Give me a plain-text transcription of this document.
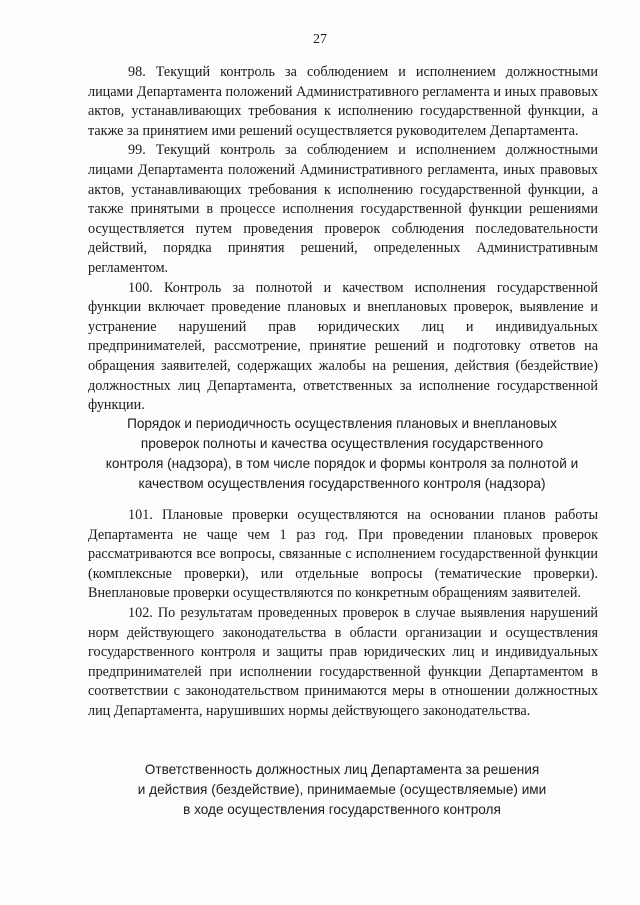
27

98. Текущий контроль за соблюдением и исполнением должностными лицами Департамента положений Административного регламента и иных правовых актов, устанавливающих требования к исполнению государственной функции, а также за принятием ими решений осуществляется руководителем Департамента.

99. Текущий контроль за соблюдением и исполнением должностными лицами Департамента положений Административного регламента, иных правовых актов, устанавливающих требования к исполнению государственной функции, а также принятыми в процессе исполнения государственной функции решениями осуществляется путем проведения проверок соблюдения последовательности действий, порядка принятия решений, определенных Административным регламентом.

100. Контроль за полнотой и качеством исполнения государственной функции включает проведение плановых и внеплановых проверок, выявление и устранение нарушений прав юридических лиц и индивидуальных предпринимателей, рассмотрение, принятие решений и подготовку ответов на обращения заявителей, содержащих жалобы на решения, действия (бездействие) должностных лиц Департамента, ответственных за исполнение государственной функции.

Порядок и периодичность осуществления плановых и внеплановых
проверок полноты и качества осуществления государственного
контроля (надзора), в том числе порядок и формы контроля за полнотой и
качеством осуществления государственного контроля (надзора)

101. Плановые проверки осуществляются на основании планов работы Департамента не чаще чем 1 раз год. При проведении плановых проверок рассматриваются все вопросы, связанные с исполнением государственной функции (комплексные проверки), или отдельные вопросы (тематические проверки). Внеплановые проверки осуществляются по конкретным обращениям заявителей.

102. По результатам проведенных проверок в случае выявления нарушений норм действующего законодательства в области организации и осуществления государственного контроля и защиты прав юридических лиц и индивидуальных предпринимателей при исполнении государственной функции Департаментом в соответствии с законодательством принимаются меры в отношении должностных лиц Департамента, нарушивших нормы действующего законодательства.

Ответственность должностных лиц Департамента за решения
и действия (бездействие), принимаемые (осуществляемые) ими
в ходе осуществления государственного контроля
